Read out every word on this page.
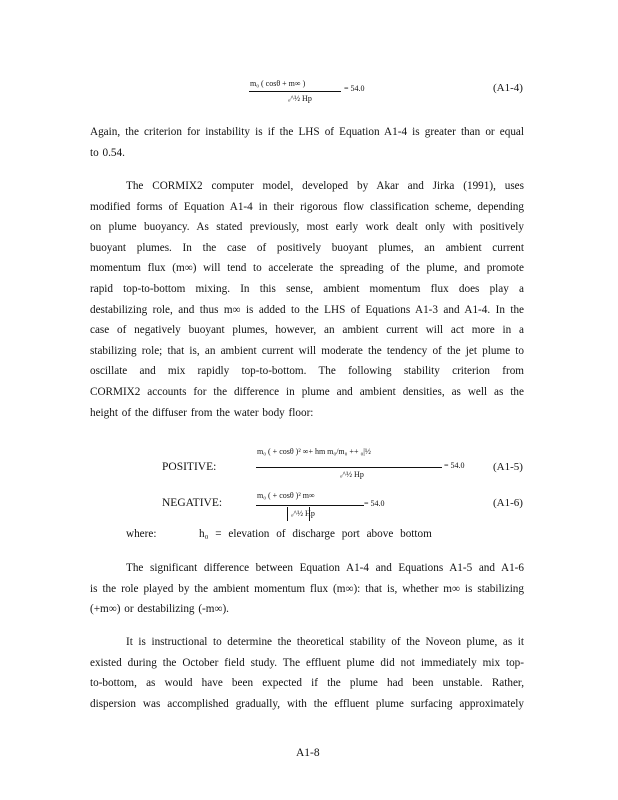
m₀ ( cosθ + m∞ )
ₒ^½ Hp
= 54.0	(A1-4)
Again, the criterion for instability is if the LHS of Equation A1-4 is greater than or equal
to 0.54.
The CORMIX2 computer model, developed by Akar and Jirka (1991), uses
modified forms of Equation A1-4 in their rigorous flow classification scheme, depending
on plume buoyancy. As stated previously, most early work dealt only with positively
buoyant plumes. In the case of positively buoyant plumes, an ambient current
momentum flux (m∞) will tend to accelerate the spreading of the plume, and promote
rapid top-to-bottom mixing. In this sense, ambient momentum flux does play a
destabilizing role, and thus m∞ is added to the LHS of Equations A1-3 and A1-4. In the
case of negatively buoyant plumes, however, an ambient current will act more in a
stabilizing role; that is, an ambient current will moderate the tendency of the jet plume to
oscillate and mix rapidly top-to-bottom. The following stability criterion from
CORMIX2 accounts for the difference in plume and ambient densities, as well as the
height of the diffuser from the water body floor:
POSITIVE:
m₀ ( + cosθ )² ∞+ hm m₀/m₀ ++ ₀|½
ₒ^½ Hp
= 54.0	(A1-5)
NEGATIVE:
m₀ ( + cosθ )² m∞
ₒ^½ Hp
= 54.0	(A1-6)
where:	h₀ = elevation of discharge port above bottom
The significant difference between Equation A1-4 and Equations A1-5 and A1-6
is the role played by the ambient momentum flux (m∞): that is, whether m∞ is stabilizing
(+m∞) or destabilizing (-m∞).
It is instructional to determine the theoretical stability of the Noveon plume, as it
existed during the October field study. The effluent plume did not immediately mix top-
to-bottom, as would have been expected if the plume had been unstable. Rather,
dispersion was accomplished gradually, with the effluent plume surfacing approximately
A1-8
